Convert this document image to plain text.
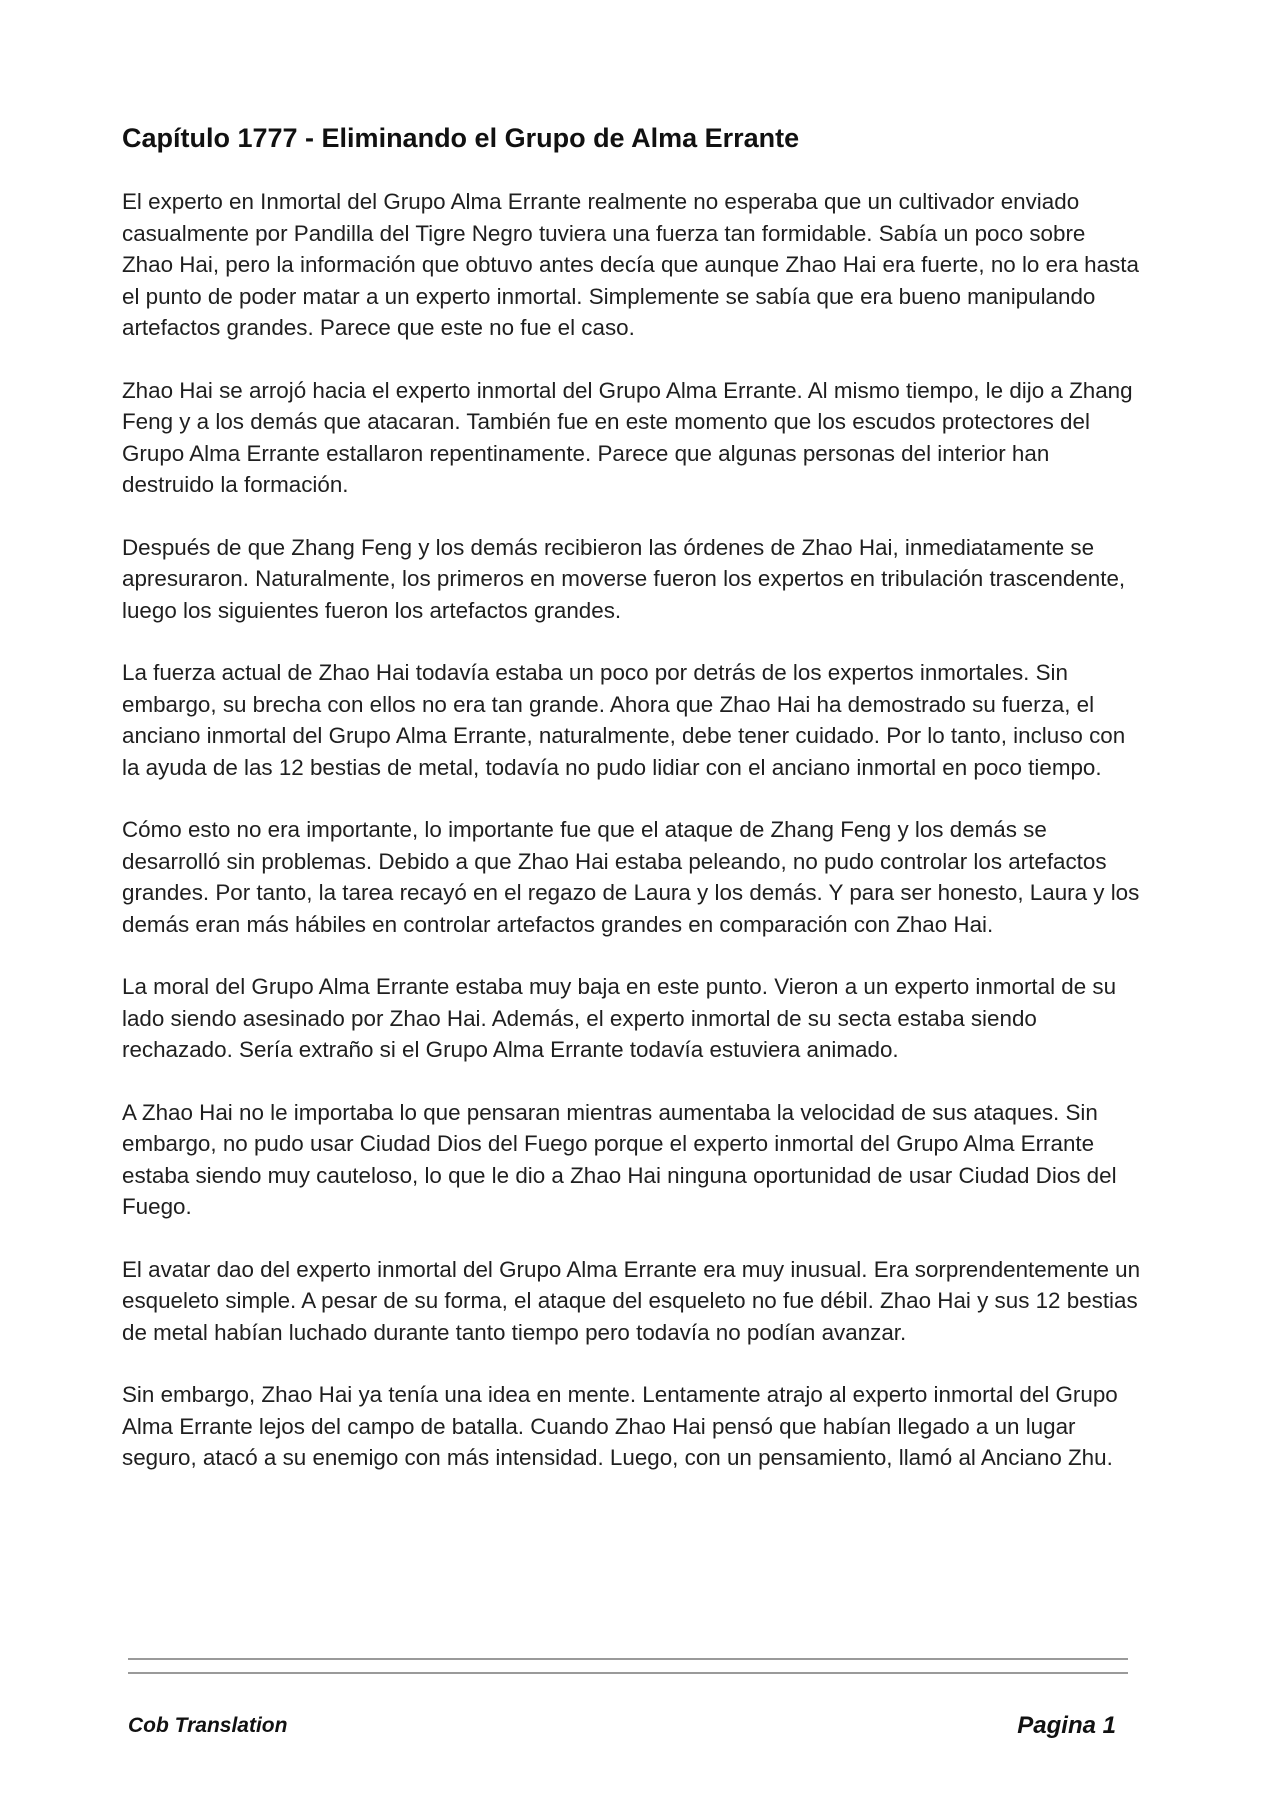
Capítulo 1777 - Eliminando el Grupo de Alma Errante

El experto en Inmortal del Grupo Alma Errante realmente no esperaba que un cultivador enviado casualmente por Pandilla del Tigre Negro tuviera una fuerza tan formidable. Sabía un poco sobre Zhao Hai, pero la información que obtuvo antes decía que aunque Zhao Hai era fuerte, no lo era hasta el punto de poder matar a un experto inmortal. Simplemente se sabía que era bueno manipulando artefactos grandes. Parece que este no fue el caso.

Zhao Hai se arrojó hacia el experto inmortal del Grupo Alma Errante. Al mismo tiempo, le dijo a Zhang Feng y a los demás que atacaran. También fue en este momento que los escudos protectores del Grupo Alma Errante estallaron repentinamente. Parece que algunas personas del interior han destruido la formación.

Después de que Zhang Feng y los demás recibieron las órdenes de Zhao Hai, inmediatamente se apresuraron. Naturalmente, los primeros en moverse fueron los expertos en tribulación trascendente, luego los siguientes fueron los artefactos grandes.

La fuerza actual de Zhao Hai todavía estaba un poco por detrás de los expertos inmortales. Sin embargo, su brecha con ellos no era tan grande. Ahora que Zhao Hai ha demostrado su fuerza, el anciano inmortal del Grupo Alma Errante, naturalmente, debe tener cuidado. Por lo tanto, incluso con la ayuda de las 12 bestias de metal, todavía no pudo lidiar con el anciano inmortal en poco tiempo.

Cómo esto no era importante, lo importante fue que el ataque de Zhang Feng y los demás se desarrolló sin problemas. Debido a que Zhao Hai estaba peleando, no pudo controlar los artefactos grandes. Por tanto, la tarea recayó en el regazo de Laura y los demás. Y para ser honesto, Laura y los demás eran más hábiles en controlar artefactos grandes en comparación con Zhao Hai.

La moral del Grupo Alma Errante estaba muy baja en este punto. Vieron a un experto inmortal de su lado siendo asesinado por Zhao Hai. Además, el experto inmortal de su secta estaba siendo rechazado. Sería extraño si el Grupo Alma Errante todavía estuviera animado.

A Zhao Hai no le importaba lo que pensaran mientras aumentaba la velocidad de sus ataques. Sin embargo, no pudo usar Ciudad Dios del Fuego porque el experto inmortal del Grupo Alma Errante estaba siendo muy cauteloso, lo que le dio a Zhao Hai ninguna oportunidad de usar Ciudad Dios del Fuego.

El avatar dao del experto inmortal del Grupo Alma Errante era muy inusual. Era sorprendentemente un esqueleto simple. A pesar de su forma, el ataque del esqueleto no fue débil. Zhao Hai y sus 12 bestias de metal habían luchado durante tanto tiempo pero todavía no podían avanzar.

Sin embargo, Zhao Hai ya tenía una idea en mente. Lentamente atrajo al experto inmortal del Grupo Alma Errante lejos del campo de batalla. Cuando Zhao Hai pensó que habían llegado a un lugar seguro, atacó a su enemigo con más intensidad. Luego, con un pensamiento, llamó al Anciano Zhu.

Cob Translation	Pagina 1
